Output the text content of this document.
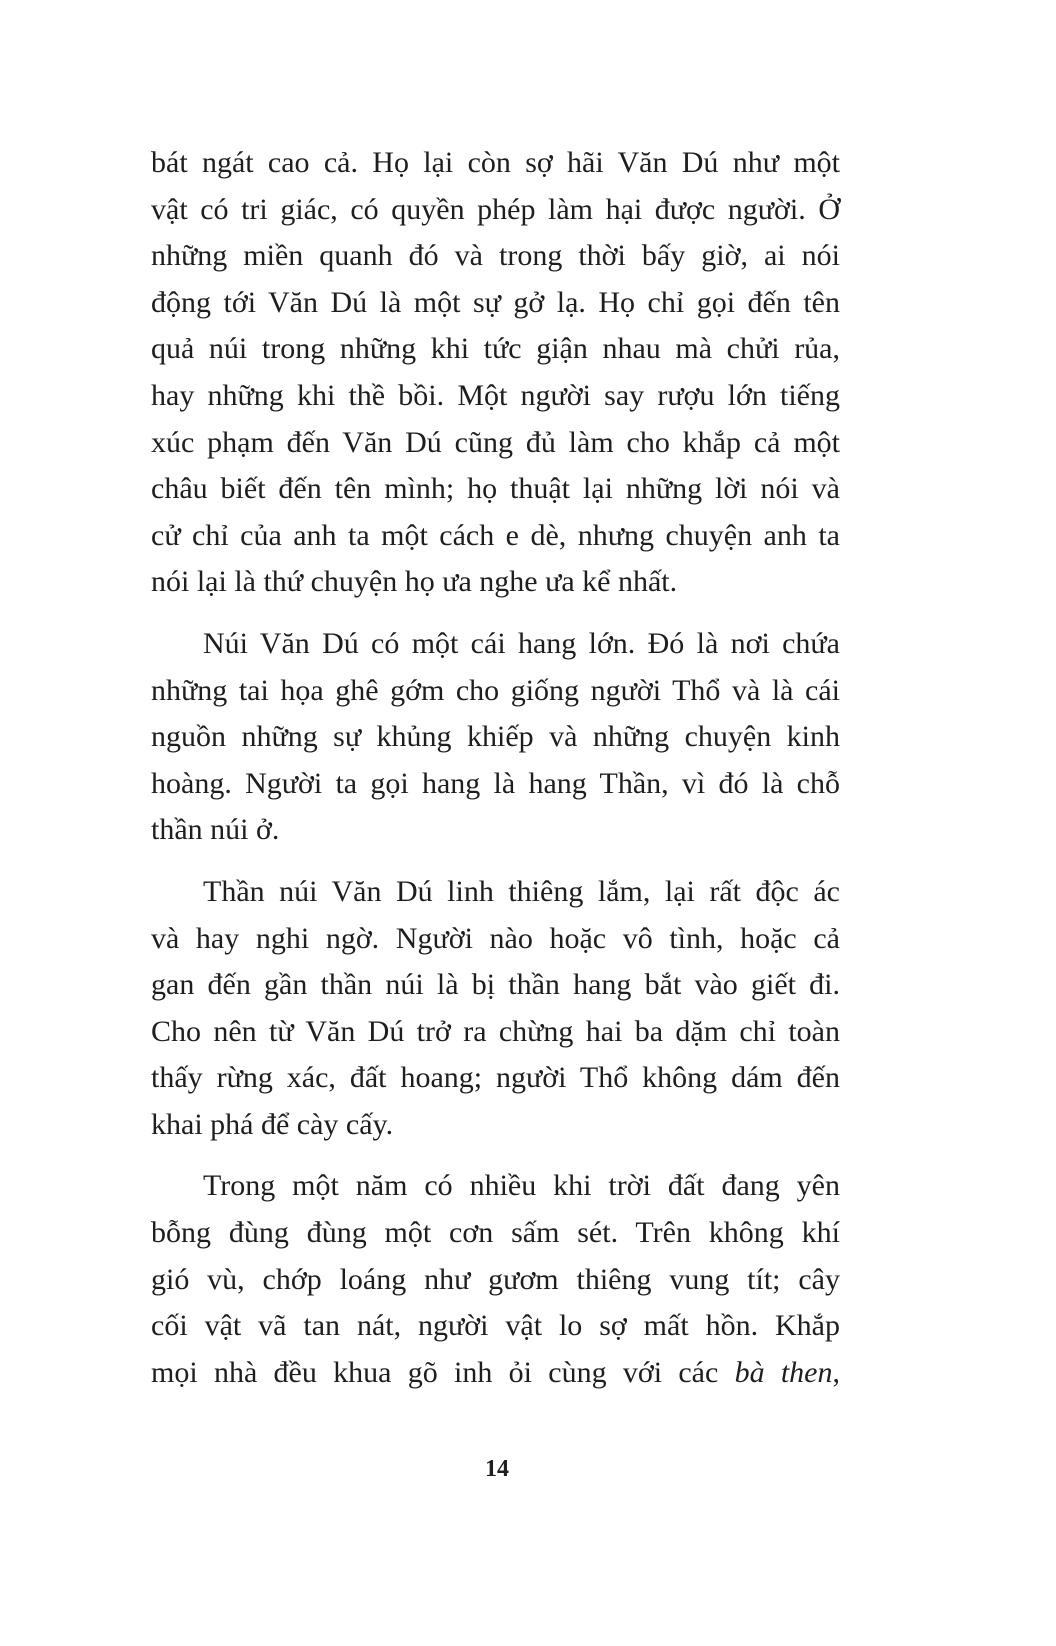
bát ngát cao cả. Họ lại còn sợ hãi Văn Dú như một
vật có tri giác, có quyền phép làm hại được người. Ở
những miền quanh đó và trong thời bấy giờ, ai nói
động tới Văn Dú là một sự gở lạ. Họ chỉ gọi đến tên
quả núi trong những khi tức giận nhau mà chửi rủa,
hay những khi thề bồi. Một người say rượu lớn tiếng
xúc phạm đến Văn Dú cũng đủ làm cho khắp cả một
châu biết đến tên mình; họ thuật lại những lời nói và
cử chỉ của anh ta một cách e dè, nhưng chuyện anh ta
nói lại là thứ chuyện họ ưa nghe ưa kể nhất.
Núi Văn Dú có một cái hang lớn. Đó là nơi chứa
những tai họa ghê gớm cho giống người Thổ và là cái
nguồn những sự khủng khiếp và những chuyện kinh
hoàng. Người ta gọi hang là hang Thần, vì đó là chỗ
thần núi ở.
Thần núi Văn Dú linh thiêng lắm, lại rất độc ác
và hay nghi ngờ. Người nào hoặc vô tình, hoặc cả
gan đến gần thần núi là bị thần hang bắt vào giết đi.
Cho nên từ Văn Dú trở ra chừng hai ba dặm chỉ toàn
thấy rừng xác, đất hoang; người Thổ không dám đến
khai phá để cày cấy.
Trong một năm có nhiều khi trời đất đang yên
bỗng đùng đùng một cơn sấm sét. Trên không khí
gió vù, chớp loáng như gươm thiêng vung tít; cây
cối vật vã tan nát, người vật lo sợ mất hồn. Khắp
mọi nhà đều khua gõ inh ỏi cùng với các bà then,
14
